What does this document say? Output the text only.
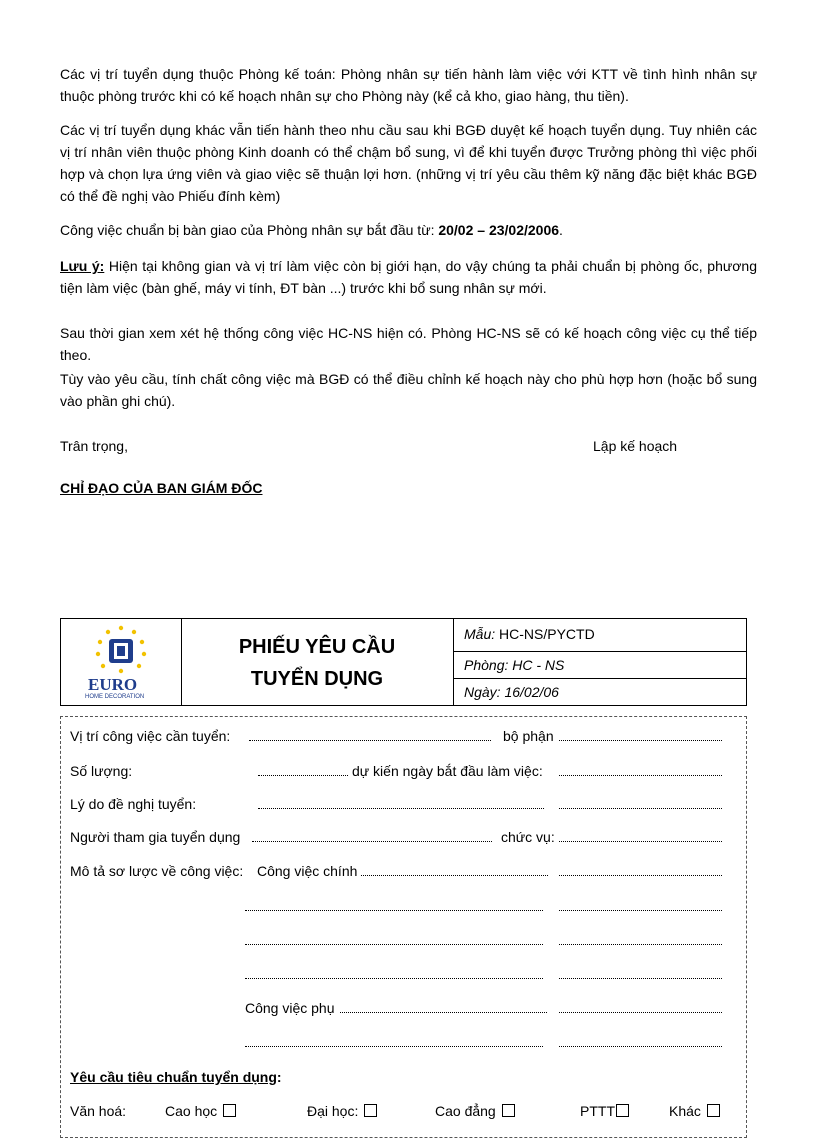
Các vị trí tuyển dụng thuộc Phòng kế toán: Phòng nhân sự tiến hành làm việc với KTT về tình hình nhân sự thuộc phòng trước khi có kế hoạch nhân sự cho Phòng này (kể cả kho, giao hàng, thu tiền).

Các vị trí tuyển dụng khác vẫn tiến hành theo nhu cầu sau khi BGĐ duyệt kế hoạch tuyển dụng. Tuy nhiên các vị trí nhân viên thuộc phòng Kinh doanh có thể chậm bổ sung, vì để khi tuyển được Trưởng phòng thì việc phối hợp và chọn lựa ứng viên và giao việc sẽ thuận lợi hơn. (những vị trí yêu cầu thêm kỹ năng đặc biệt khác BGĐ có thể đề nghị vào Phiếu đính kèm)

Công việc chuẩn bị bàn giao của Phòng nhân sự bắt đầu từ: 20/02 – 23/02/2006.

Lưu ý: Hiện tại không gian và vị trí làm việc còn bị giới hạn, do vậy chúng ta phải chuẩn bị phòng ốc, phương tiện làm việc (bàn ghế, máy vi tính, ĐT bàn ...) trước khi bổ sung nhân sự mới.

Sau thời gian xem xét hệ thống công việc HC-NS hiện có. Phòng HC-NS sẽ có kế hoạch công việc cụ thể tiếp theo.

Tùy vào yêu cầu, tính chất công việc mà BGĐ có thể điều chỉnh kế hoạch này cho phù hợp hơn (hoặc bổ sung vào phần ghi chú).

Trân trọng,	Lập kế hoạch
CHỈ ĐẠO CỦA BAN GIÁM ĐỐC
EURO
HOME DECORATION
PHIẾU YÊU CẦU
TUYỂN DỤNG
Mẫu: HC-NS/PYCTD
Phòng: HC - NS
Ngày: 16/02/06
Vị trí công việc cần tuyển:	bộ phận
Số lượng:	dự kiến ngày bắt đầu làm việc:
Lý do đề nghị tuyển:
Người tham gia tuyển dụng	chức vụ:
Mô tả sơ lược về công việc: Công việc chính
Công việc phụ
Yêu cầu tiêu chuẩn tuyển dụng:
Văn hoá:	Cao học	Đại học:	Cao đẳng	PTTT	Khác
